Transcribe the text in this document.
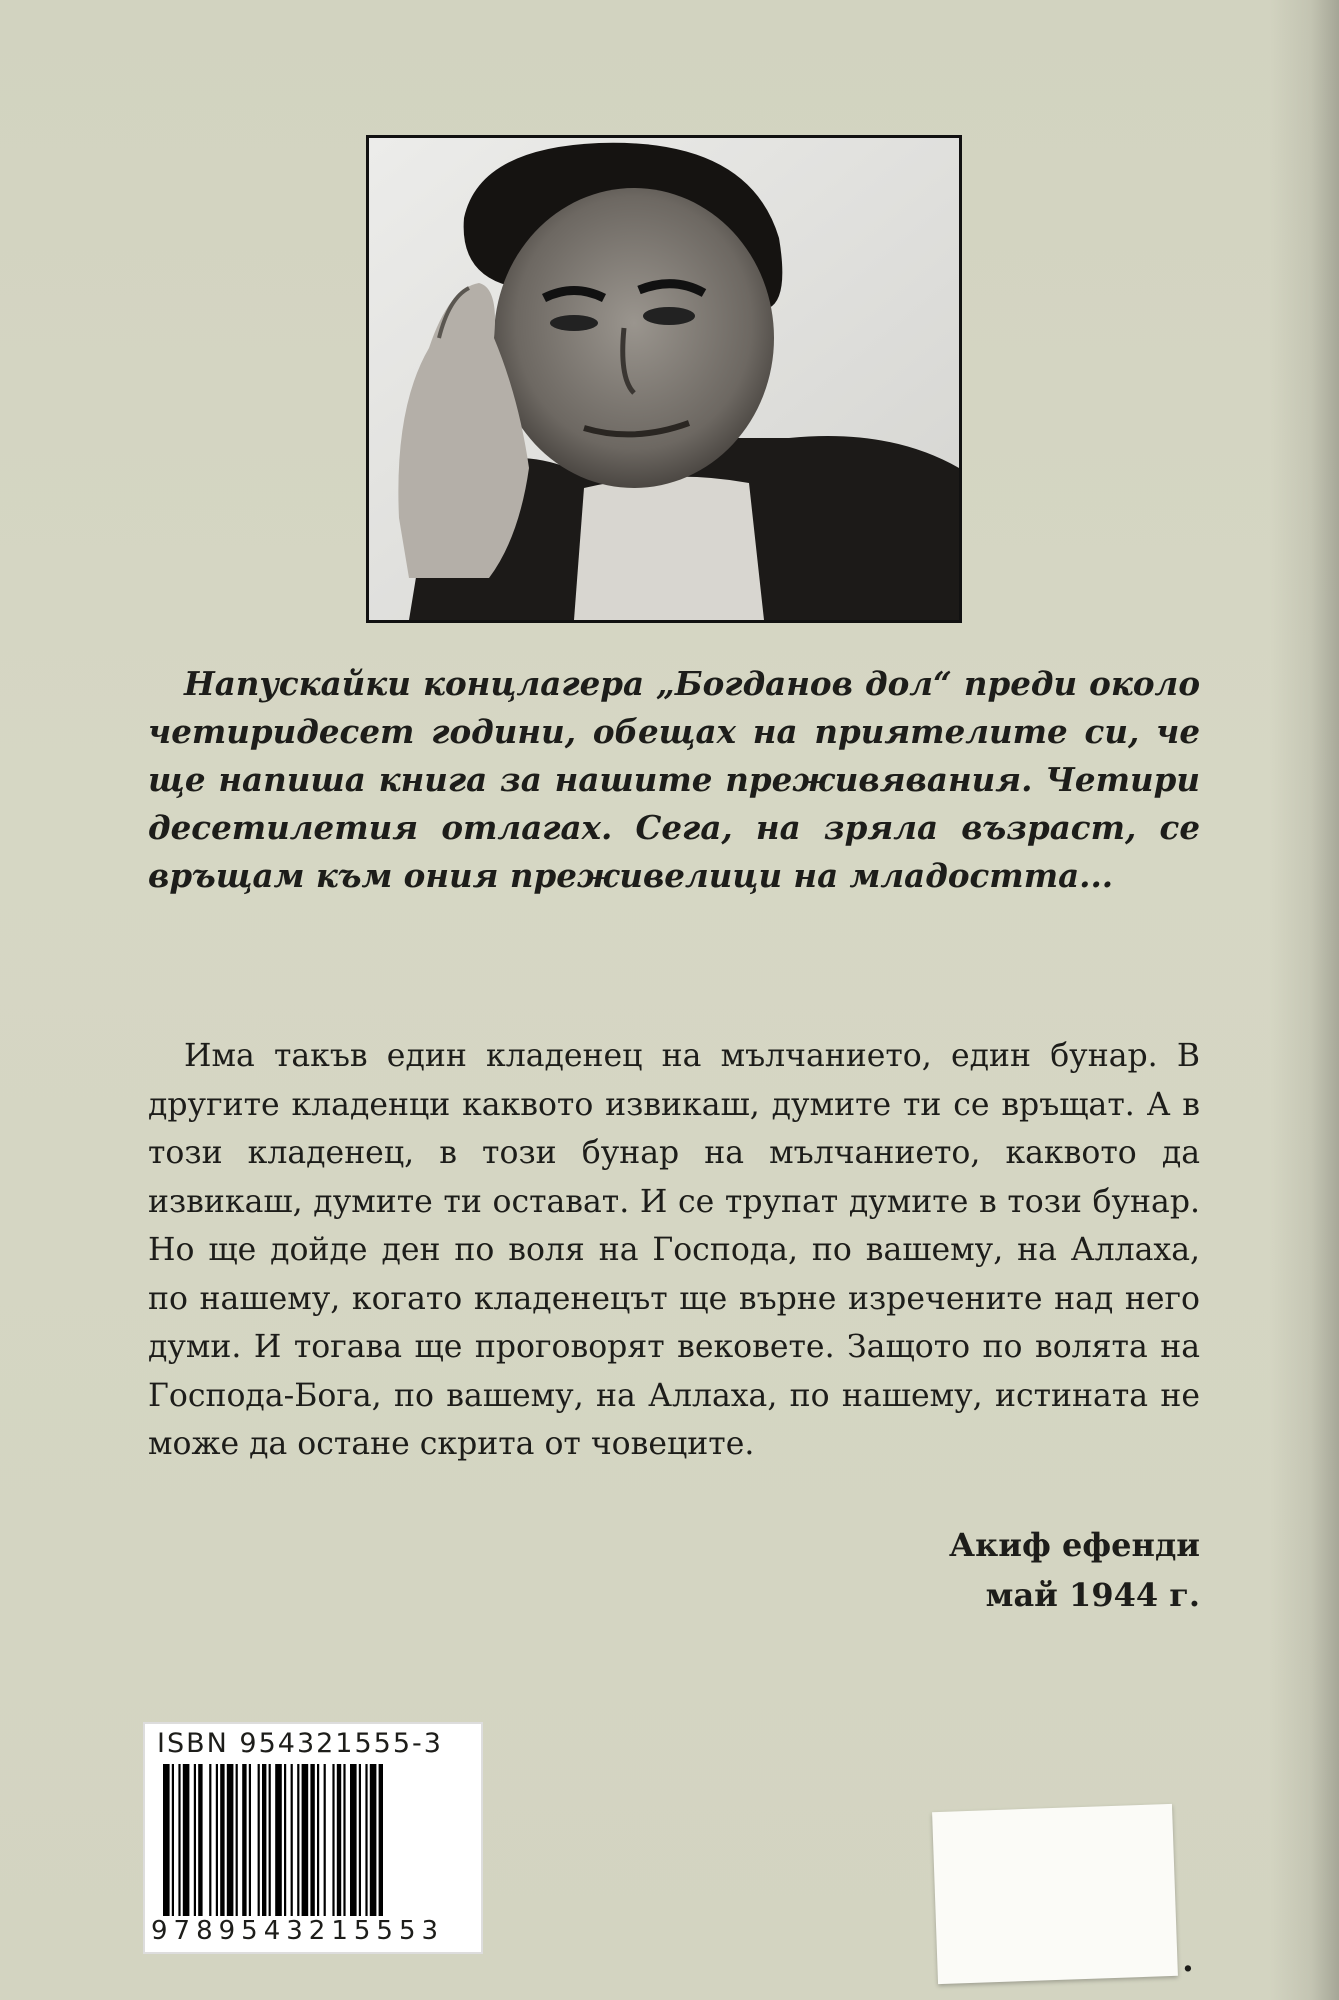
Напускайки концлагера „Богданов дол“ преди около четиридесет години, обещах на приятелите си, че ще напиша книга за нашите преживявания. Четири десетилетия отлагах. Сега, на зряла възраст, се връщам към ония преживелици на младостта...

Има такъв един кладенец на мълчанието, един бунар. В другите кладенци каквото извикаш, думите ти се връщат. А в този кладенец, в този бунар на мълчанието, каквото да извикаш, думите ти остават. И се трупат думите в този бунар. Но ще дойде ден по воля на Господа, по вашему, на Аллаха, по нашему, когато кладенецът ще върне изречените над него думи. И тогава ще проговорят вековете. Защото по волята на Господа-Бога, по вашему, на Аллаха, по нашему, истината не може да остане скрита от човеците.

Акиф ефенди
май 1944 г.
ISBN 954321555-3
9789543215553
.
